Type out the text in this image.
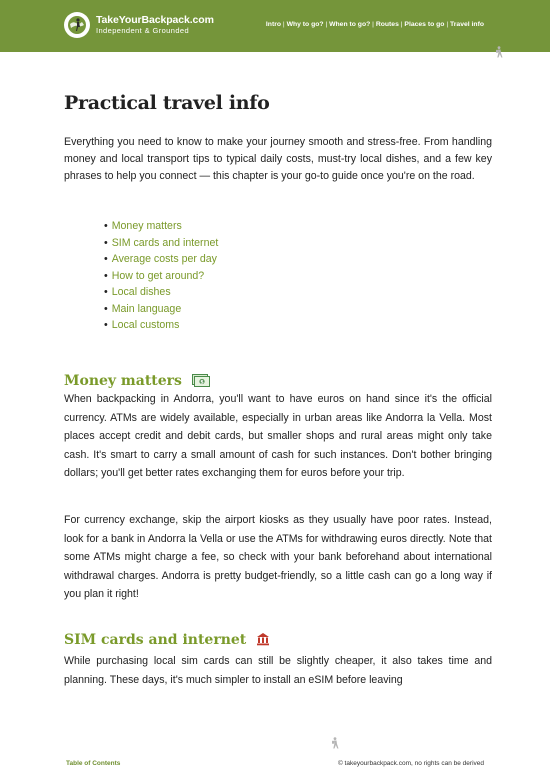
TakeYourBackpack.com
Independent & Grounded
Intro | Why to go? | When to go? | Routes | Places to go | Travel info
Practical travel info

Everything you need to know to make your journey smooth and stress-free. From handling money and local transport tips to typical daily costs, must-try local dishes, and a few key phrases to help you connect — this chapter is your go-to guide once you're on the road.

• Money matters
• SIM cards and internet
• Average costs per day
• How to get around?
• Local dishes
• Main language
• Local customs
Money matters	$

When backpacking in Andorra, you'll want to have euros on hand since it's the official currency. ATMs are widely available, especially in urban areas like Andorra la Vella. Most places accept credit and debit cards, but smaller shops and rural areas might only take cash. It's smart to carry a small amount of cash for such instances. Don't bother bringing dollars; you'll get better rates exchanging them for euros before your trip.

For currency exchange, skip the airport kiosks as they usually have poor rates. Instead, look for a bank in Andorra la Vella or use the ATMs for withdrawing euros directly. Note that some ATMs might charge a fee, so check with your bank beforehand about international withdrawal charges. Andorra is pretty budget-friendly, so a little cash can go a long way if you plan it right!

SIM cards and internet

While purchasing local sim cards can still be slightly cheaper, it also takes time and planning. These days, it's much simpler to install an eSIM before leaving

Table of Contents	© takeyourbackpack.com, no rights can be derived
